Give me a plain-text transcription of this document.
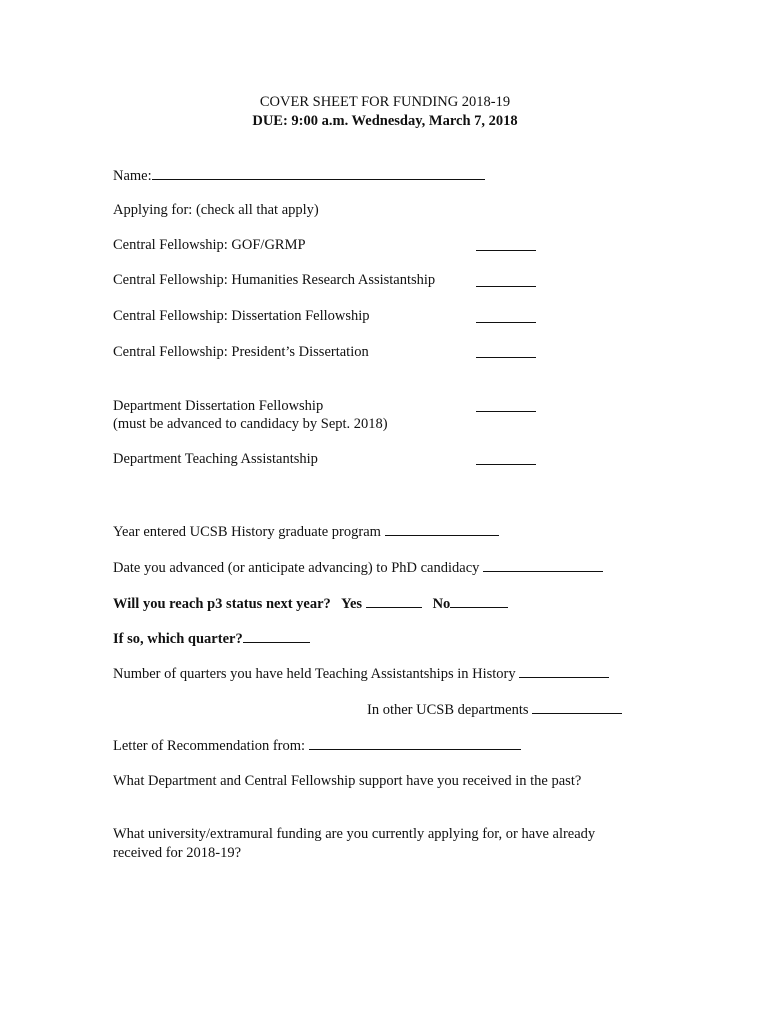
COVER SHEET FOR FUNDING 2018-19
DUE: 9:00 a.m. Wednesday, March 7, 2018
Name:
Applying for: (check all that apply)
Central Fellowship: GOF/GRMP
Central Fellowship: Humanities Research Assistantship
Central Fellowship: Dissertation Fellowship
Central Fellowship: President’s Dissertation
Department Dissertation Fellowship
(must be advanced to candidacy by Sept. 2018)
Department Teaching Assistantship
Year entered UCSB History graduate program
Date you advanced (or anticipate advancing) to PhD candidacy
Will you reach p3 status next year? Yes	No
If so, which quarter?
Number of quarters you have held Teaching Assistantships in History
In other UCSB departments
Letter of Recommendation from:
What Department and Central Fellowship support have you received in the past?
What university/extramural funding are you currently applying for, or have already
received for 2018-19?
